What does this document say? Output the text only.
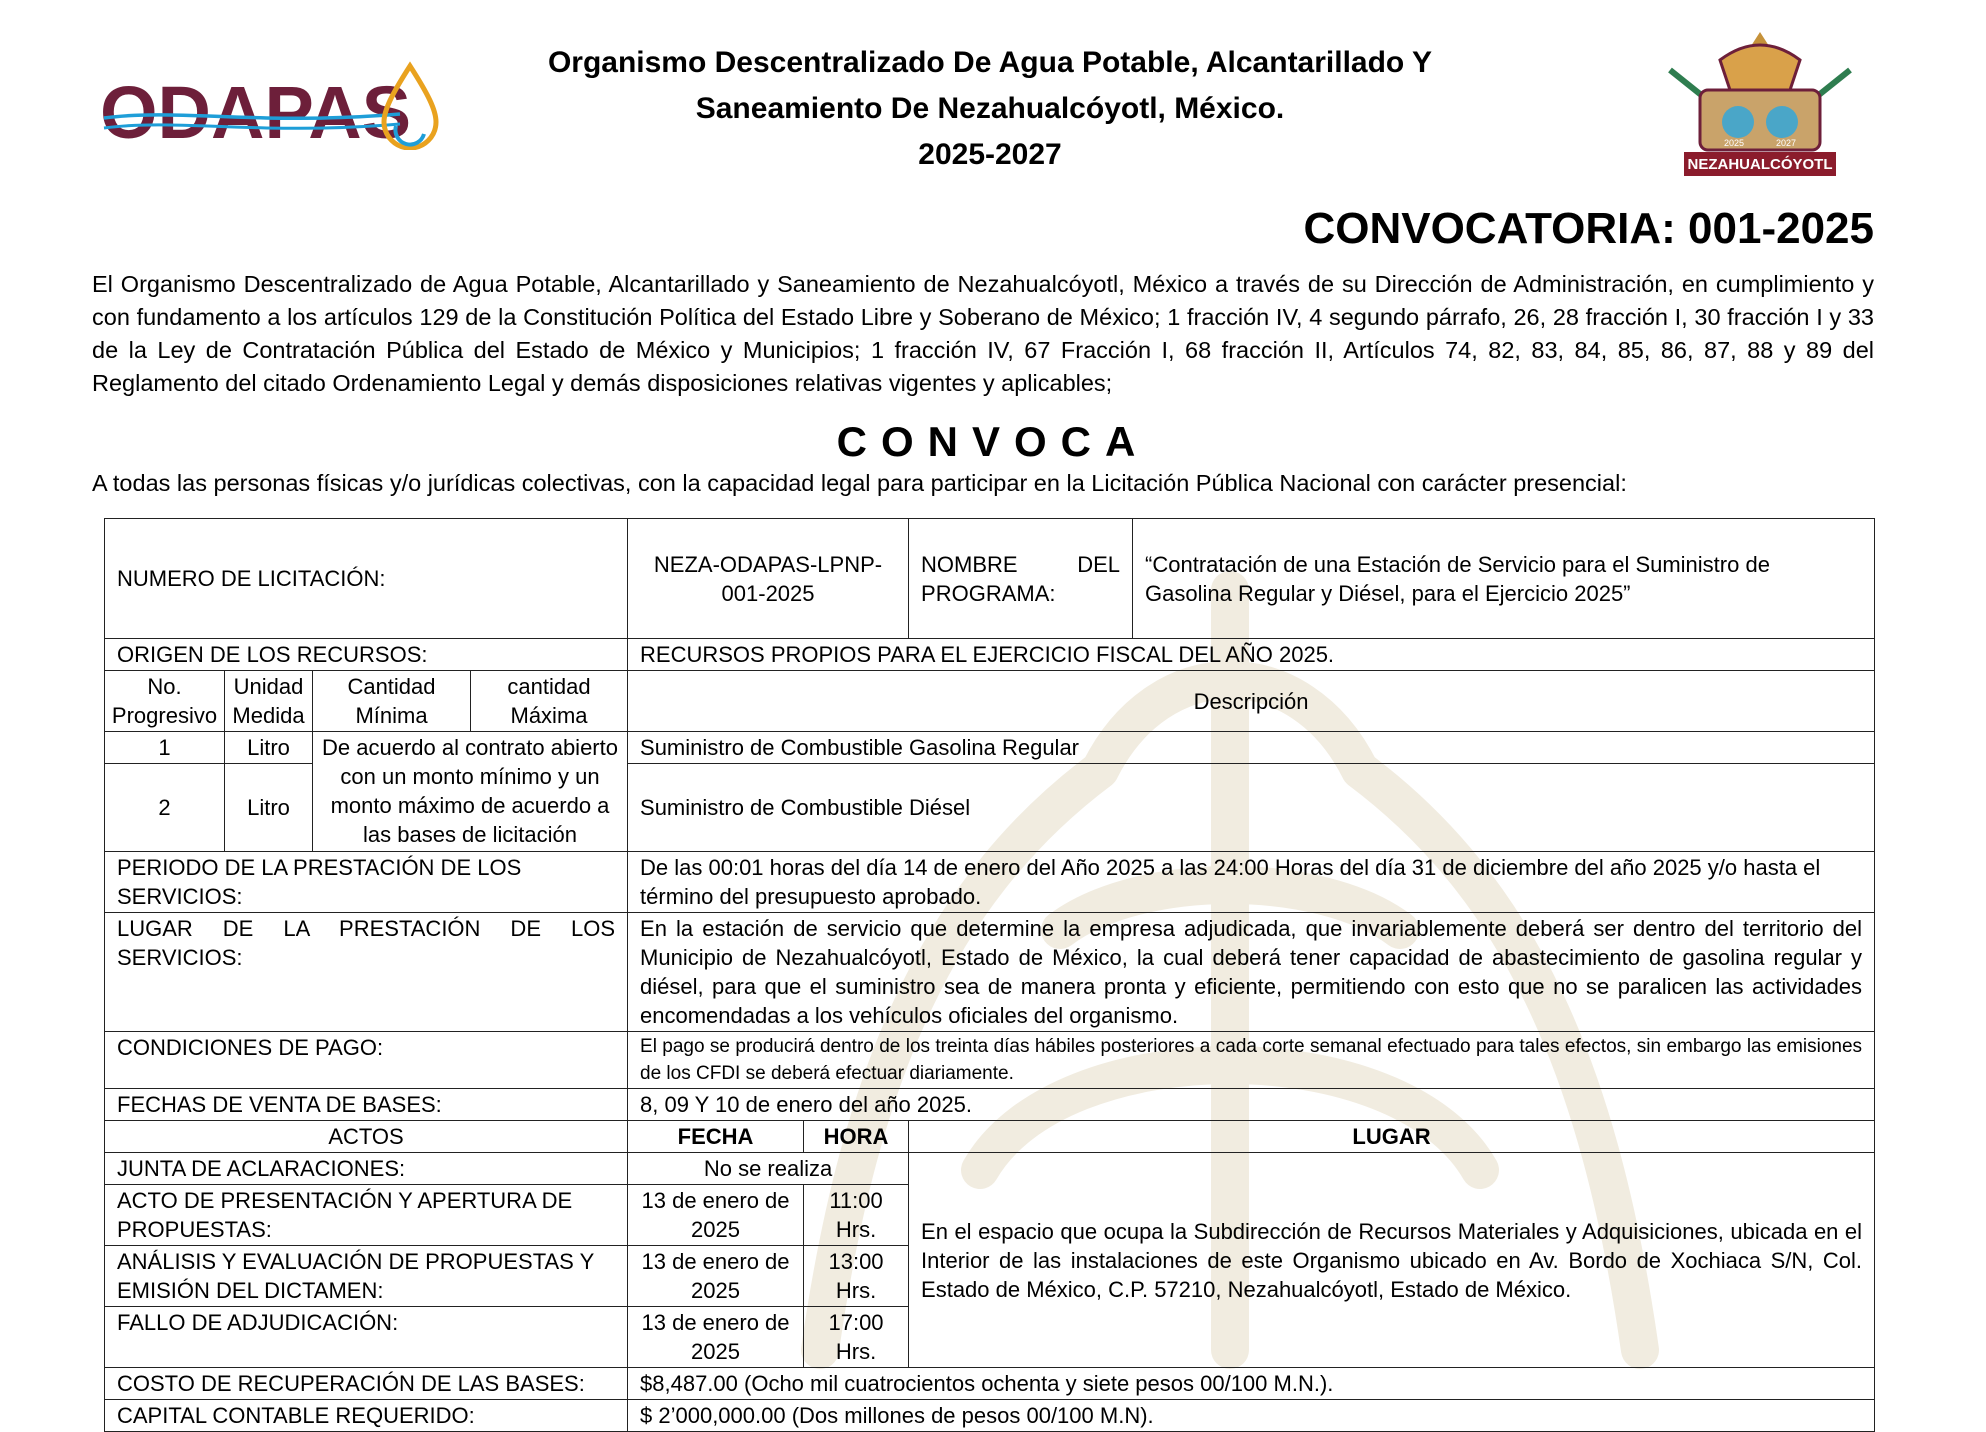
ODAPAS
Organismo Descentralizado De Agua Potable, Alcantarillado Y
Saneamiento De Nezahualcóyotl, México.
2025-2027	2025	2027
NEZAHUALCÓYOTL
CONVOCATORIA: 001-2025
El Organismo Descentralizado de Agua Potable, Alcantarillado y Saneamiento de Nezahualcóyotl, México a través de su Dirección de Administración, en cumplimiento y con fundamento a los artículos 129 de la Constitución Política del Estado Libre y Soberano de México; 1 fracción IV, 4 segundo párrafo, 26, 28 fracción I, 30 fracción I y 33 de la Ley de Contratación Pública del Estado de México y Municipios; 1 fracción IV, 67 Fracción I, 68 fracción II, Artículos 74, 82, 83, 84, 85, 86, 87, 88 y 89 del Reglamento del citado Ordenamiento Legal y demás disposiciones relativas vigentes y aplicables;
CONVOCA
A todas las personas físicas y/o jurídicas colectivas, con la capacidad legal para participar en la Licitación Pública Nacional con carácter presencial:
NUMERO DE LICITACIÓN:				NEZA-ODAPAS-LPNP-001-2025		NOMBRE DEL PROGRAMA:	“Contratación de una Estación de Servicio para el Suministro de Gasolina Regular y Diésel, para el Ejercicio 2025”
ORIGEN DE LOS RECURSOS:				RECURSOS PROPIOS PARA EL EJERCICIO FISCAL DEL AÑO 2025.			
No. Progresivo	Unidad Medida	Cantidad Mínima	cantidad Máxima	Descripción			
1	Litro	De acuerdo al contrato abierto con un monto mínimo y un monto máximo de acuerdo a las bases de licitación		Suministro de Combustible Gasolina Regular			
2	Litro			Suministro de Combustible Diésel			
PERIODO DE LA PRESTACIÓN DE LOS SERVICIOS:				De las 00:01 horas del día 14 de enero del Año 2025 a las 24:00 Horas del día 31 de diciembre del año 2025 y/o hasta el término del presupuesto aprobado.			
LUGAR DE LA PRESTACIÓN DE LOS SERVICIOS:				En la estación de servicio que determine la empresa adjudicada, que invariablemente deberá ser dentro del territorio del Municipio de Nezahualcóyotl, Estado de México, la cual deberá tener capacidad de abastecimiento de gasolina regular y diésel, para que el suministro sea de manera pronta y eficiente, permitiendo con esto que no se paralicen las actividades encomendadas a los vehículos oficiales del organismo.			
CONDICIONES DE PAGO:				El pago se producirá dentro de los treinta días hábiles posteriores a cada corte semanal efectuado para tales efectos, sin embargo las emisiones de los CFDI se deberá efectuar diariamente.			
FECHAS DE VENTA DE BASES:				8, 09 Y 10 de enero del año 2025.			
ACTOS				FECHA	HORA	LUGAR	
JUNTA DE ACLARACIONES:				No se realiza		En el espacio que ocupa la Subdirección de Recursos Materiales y Adquisiciones, ubicada en el Interior de las instalaciones de este Organismo ubicado en Av. Bordo de Xochiaca S/N, Col. Estado de México, C.P. 57210, Nezahualcóyotl, Estado de México.	
ACTO DE PRESENTACIÓN Y APERTURA DE PROPUESTAS:				13 de enero de 2025	11:00 Hrs.		
ANÁLISIS Y EVALUACIÓN DE PROPUESTAS Y EMISIÓN DEL DICTAMEN:				13 de enero de 2025	13:00 Hrs.		
FALLO DE ADJUDICACIÓN:				13 de enero de 2025	17:00 Hrs.		
COSTO DE RECUPERACIÓN DE LAS BASES:				$8,487.00 (Ocho mil cuatrocientos ochenta y siete pesos 00/100 M.N.).			
CAPITAL CONTABLE REQUERIDO:				$ 2’000,000.00 (Dos millones de pesos 00/100 M.N).			
